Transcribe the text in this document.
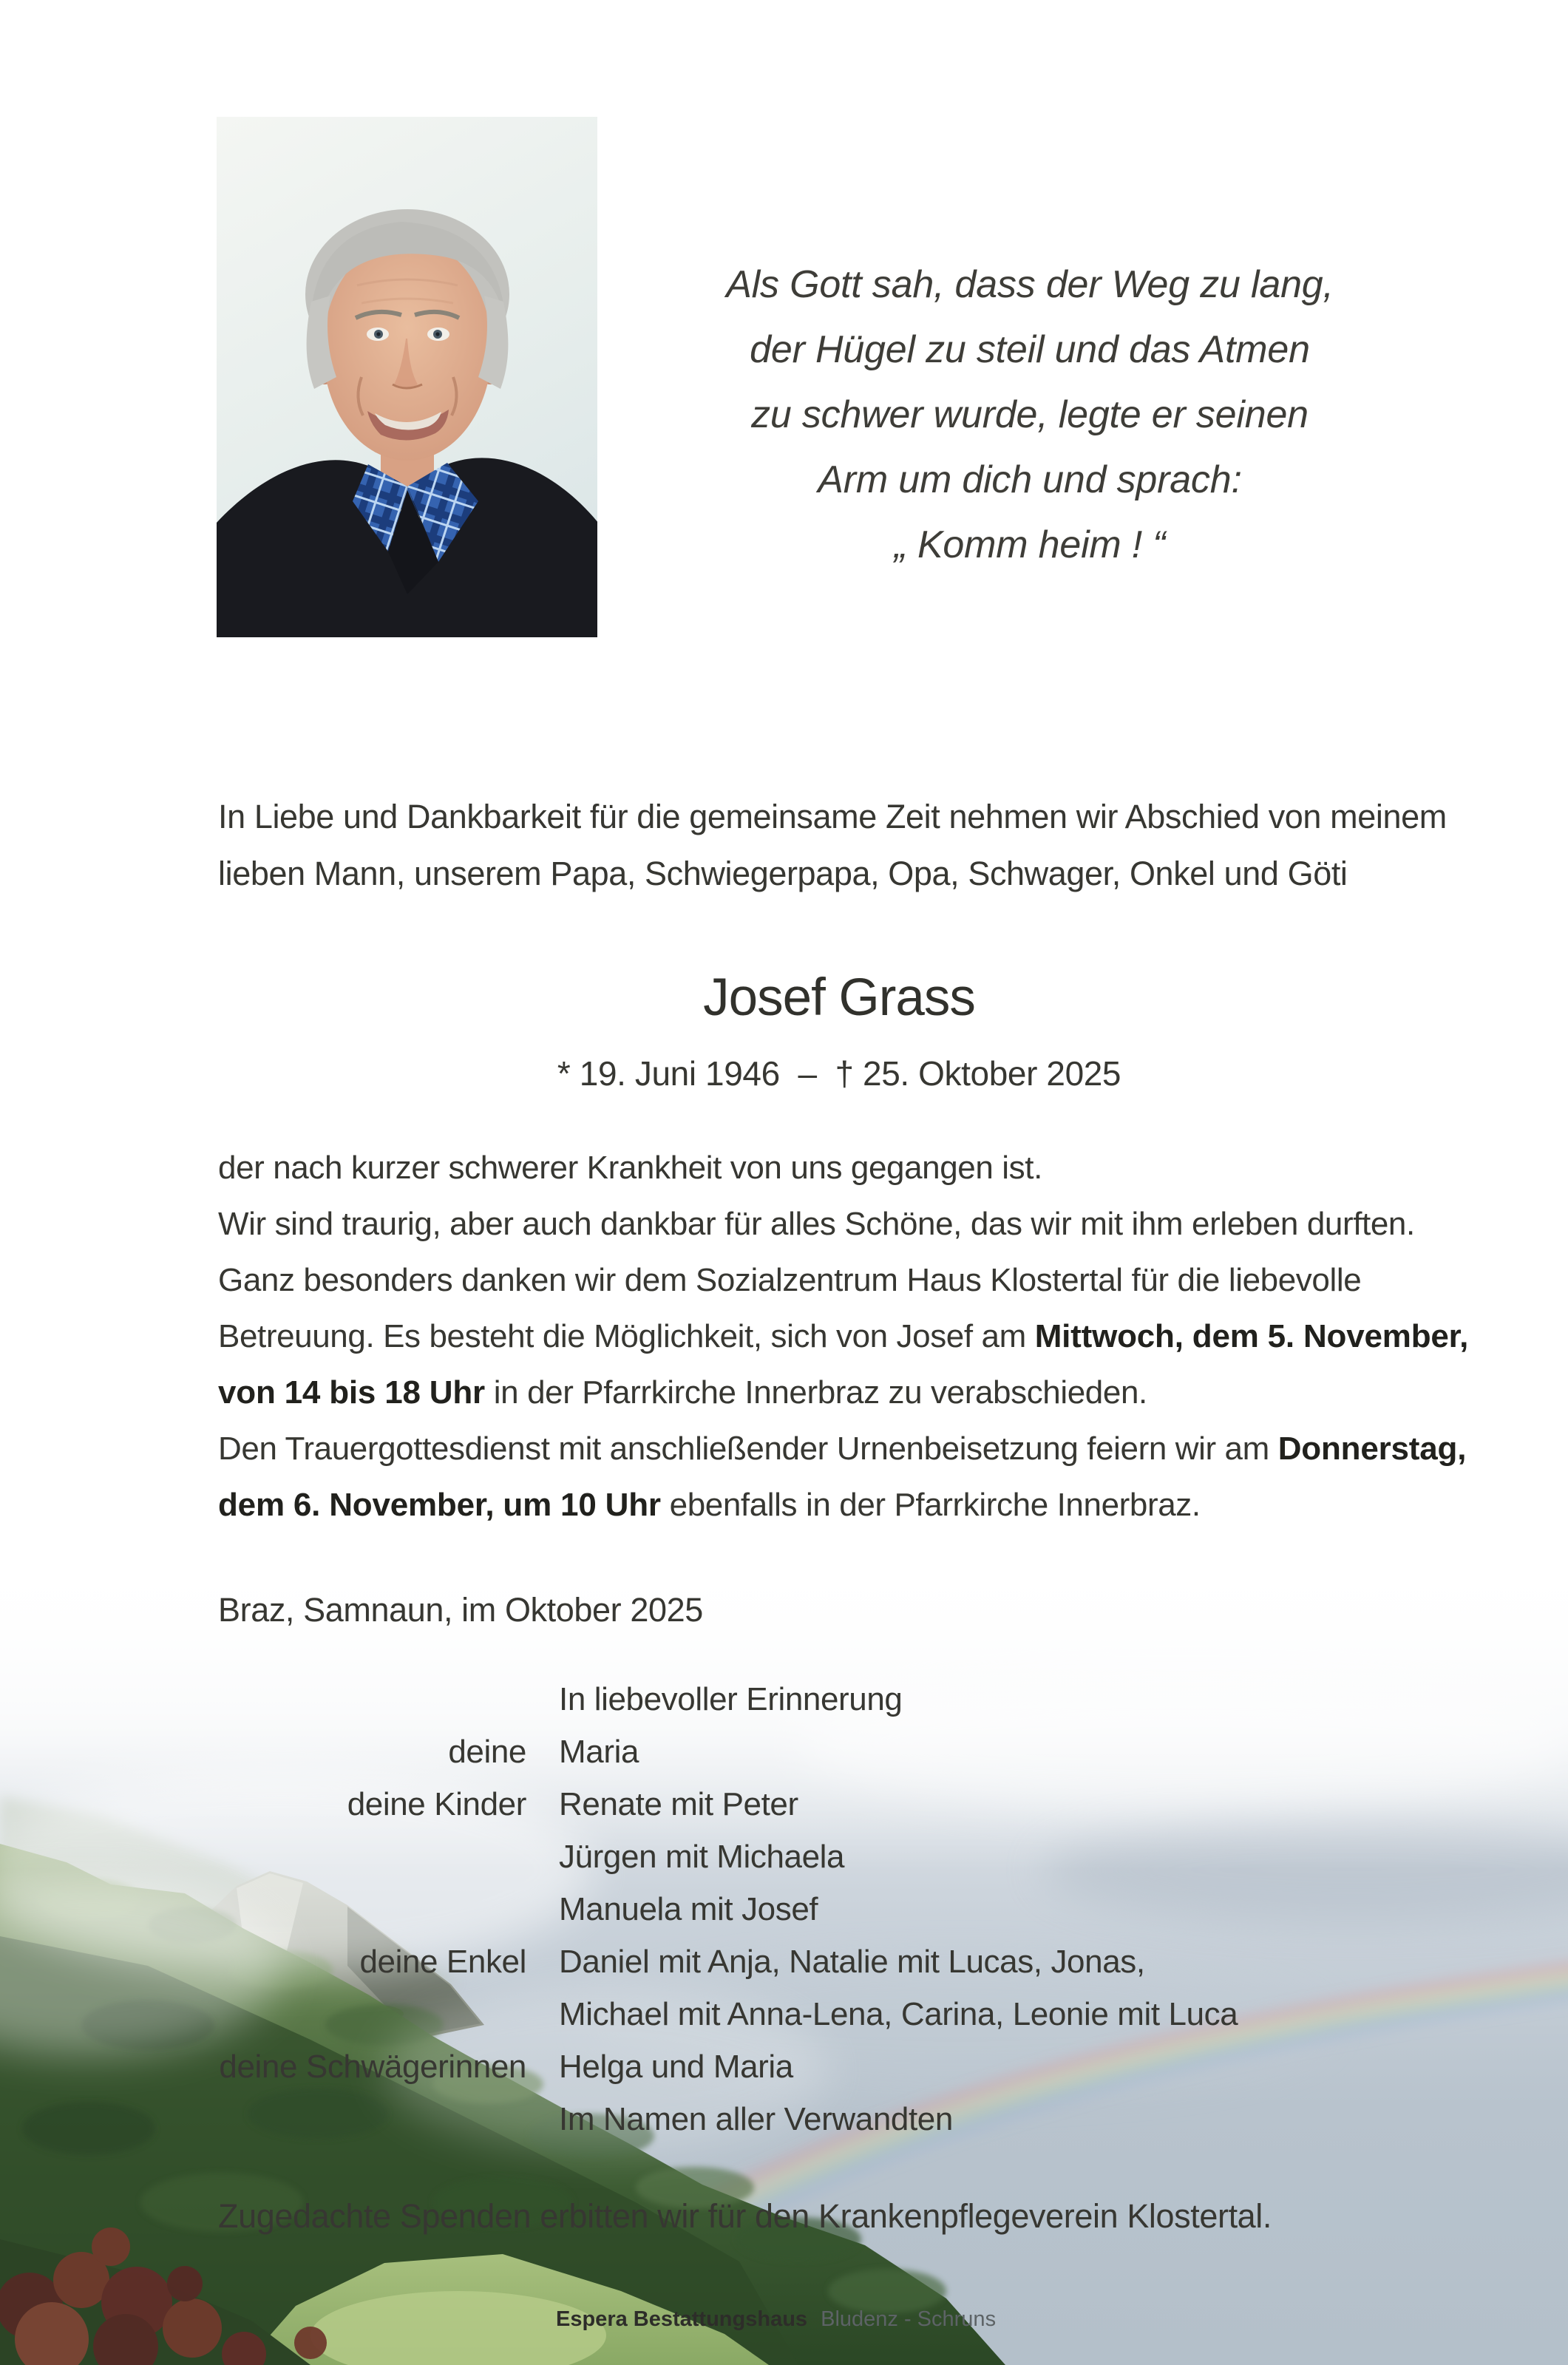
Als Gott sah, dass der Weg zu lang,
der Hügel zu steil und das Atmen
zu schwer wurde, legte er seinen
Arm um dich und sprach:
„ Komm heim ! “
In Liebe und Dankbarkeit für die gemeinsame Zeit nehmen wir Abschied von meinem
lieben Mann, unserem Papa, Schwiegerpapa, Opa, Schwager, Onkel und Göti
Josef Grass
* 19. Juni 1946  –  † 25. Oktober 2025
der nach kurzer schwerer Krankheit von uns gegangen ist.
Wir sind traurig, aber auch dankbar für alles Schöne, das wir mit ihm erleben durften.
Ganz besonders danken wir dem Sozialzentrum Haus Klostertal für die liebevolle
Betreuung. Es besteht die Möglichkeit, sich von Josef am Mittwoch, dem 5. November,
von 14 bis 18 Uhr in der Pfarrkirche Innerbraz zu verabschieden.
Den Trauergottesdienst mit anschließender Urnenbeisetzung feiern wir am Donnerstag,
dem 6. November, um 10 Uhr ebenfalls in der Pfarrkirche Innerbraz.
Braz, Samnaun, im Oktober 2025
In liebevoller Erinnerung
deine Maria
deine Kinder Renate mit Peter
Jürgen mit Michaela
Manuela mit Josef
deine Enkel Daniel mit Anja, Natalie mit Lucas, Jonas,
Michael mit Anna-Lena, Carina, Leonie mit Luca
deine Schwägerinnen Helga und Maria
Im Namen aller Verwandten
Zugedachte Spenden erbitten wir für den Krankenpflegeverein Klostertal.
Espera Bestattungshaus Bludenz - Schruns
